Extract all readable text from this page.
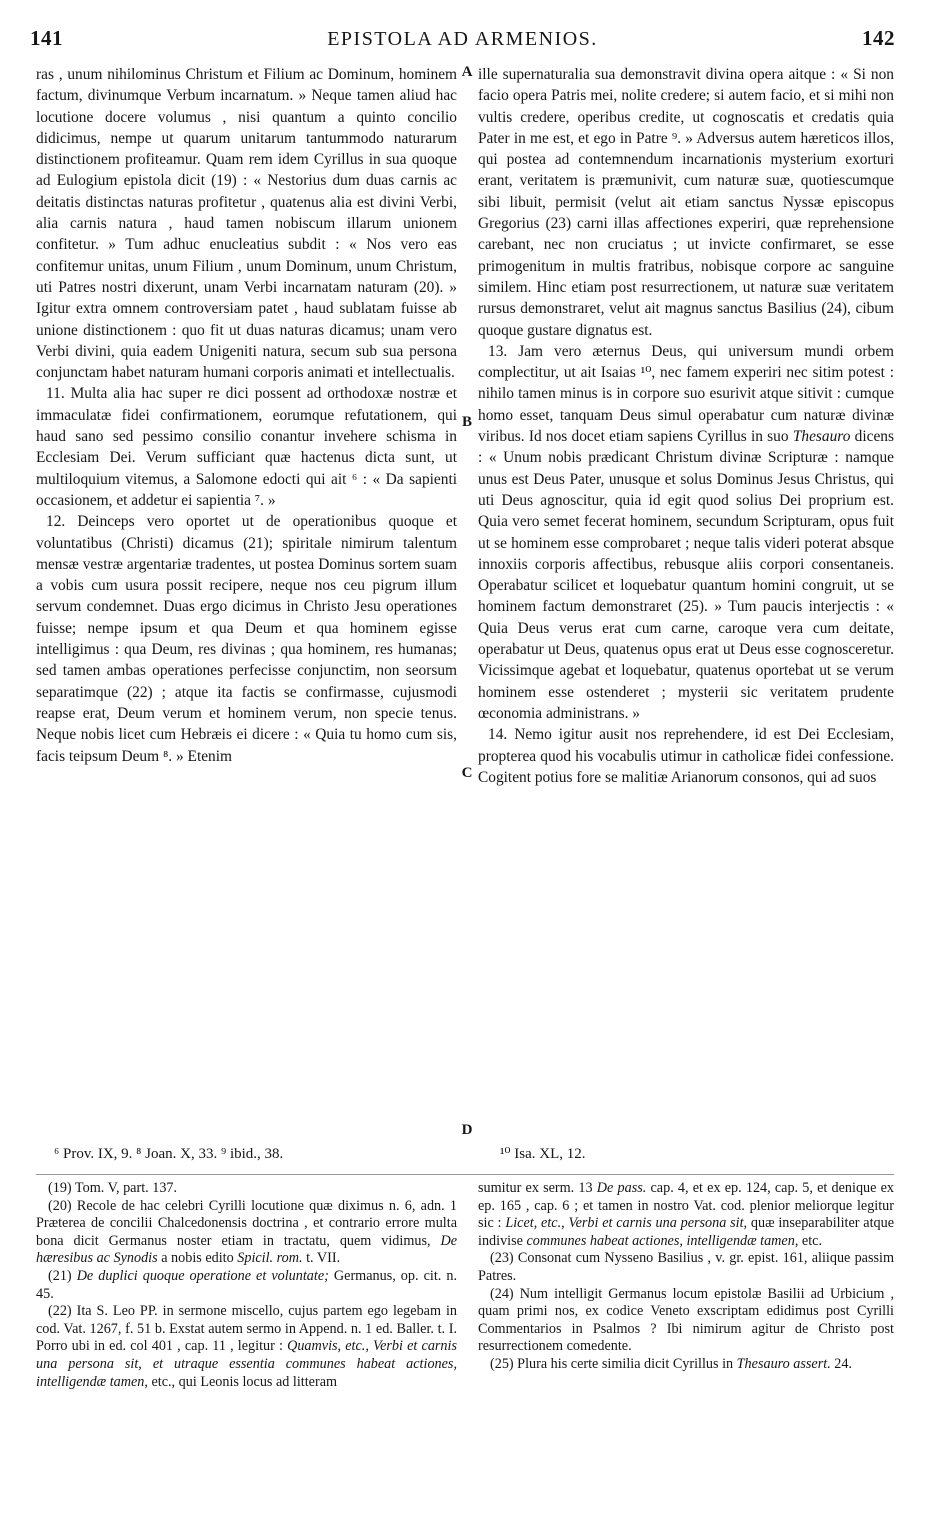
141	EPISTOLA AD ARMENIOS.	142

ras , unum nihilominus Christum et Filium ac Dominum, hominem factum, divinumque Verbum incarnatum. » Neque tamen aliud hac locutione docere volumus , nisi quantum a quinto concilio didicimus, nempe ut quarum unitarum tantummodo naturarum distinctionem profiteamur. Quam rem idem Cyrillus in sua quoque ad Eulogium epistola dicit (19) : « Nestorius dum duas carnis ac deitatis distinctas naturas profitetur , quatenus alia est divini Verbi, alia carnis natura , haud tamen nobiscum illarum unionem confitetur. » Tum adhuc enucleatius subdit : « Nos vero eas confitemur unitas, unum Filium , unum Dominum, unum Christum, uti Patres nostri dixerunt, unam Verbi incarnatam naturam (20). » Igitur extra omnem controversiam patet , haud sublatam fuisse ab unione distinctionem : quo fit ut duas naturas dicamus; unam vero Verbi divini, quia eadem Unigeniti natura, secum sub sua persona conjunctam habet naturam humani corporis animati et intellectualis.

11. Multa alia hac super re dici possent ad orthodoxæ nostræ et immaculatæ fidei confirmationem, eorumque refutationem, qui haud sano sed pessimo consilio conantur invehere schisma in Ecclesiam Dei. Verum sufficiant quæ hactenus dicta sunt, ut multiloquium vitemus, a Salomone edocti qui ait ⁶ : « Da sapienti occasionem, et addetur ei sapientia ⁷. »

12. Deinceps vero oportet ut de operationibus quoque et voluntatibus (Christi) dicamus (21); spiritale nimirum talentum mensæ vestræ argentariæ tradentes, ut postea Dominus sortem suam a vobis cum usura possit recipere, neque nos ceu pigrum illum servum condemnet. Duas ergo dicimus in Christo Jesu operationes fuisse; nempe ipsum et qua Deum et qua hominem egisse intelligimus : qua Deum, res divinas ; qua hominem, res humanas; sed tamen ambas operationes perfecisse conjunctim, non seorsum separatimque (22) ; atque ita factis se confirmasse, cujusmodi reapse erat, Deum verum et hominem verum, non specie tenus. Neque nobis licet cum Hebræis ei dicere : « Quia tu homo cum sis, facis teipsum Deum ⁸. » Etenim

A
B
C
D

ille supernaturalia sua demonstravit divina opera aitque : « Si non facio opera Patris mei, nolite credere; si autem facio, et si mihi non vultis credere, operibus credite, ut cognoscatis et credatis quia Pater in me est, et ego in Patre ⁹. » Adversus autem hæreticos illos, qui postea ad contemnendum incarnationis mysterium exorturi erant, veritatem is præmunivit, cum naturæ suæ, quotiescumque sibi libuit, permisit (velut ait etiam sanctus Nyssæ episcopus Gregorius (23) carni illas affectiones experiri, quæ reprehensione carebant, nec non cruciatus ; ut invicte confirmaret, se esse primogenitum in multis fratribus, nobisque corpore ac sanguine similem. Hinc etiam post resurrectionem, ut naturæ suæ veritatem rursus demonstraret, velut ait magnus sanctus Basilius (24), cibum quoque gustare dignatus est.

13. Jam vero æternus Deus, qui universum mundi orbem complectitur, ut ait Isaias ¹⁰, nec famem experiri nec sitim potest : nihilo tamen minus is in corpore suo esurivit atque sitivit : cumque homo esset, tanquam Deus simul operabatur cum naturæ divinæ viribus. Id nos docet etiam sapiens Cyrillus in suo Thesauro dicens : « Unum nobis prædicant Christum divinæ Scripturæ : namque unus est Deus Pater, unusque et solus Dominus Jesus Christus, qui uti Deus agnoscitur, quia id egit quod solius Dei proprium est. Quia vero semet fecerat hominem, secundum Scripturam, opus fuit ut se hominem esse comprobaret ; neque talis videri poterat absque innoxiis corporis affectibus, rebusque aliis corpori consentaneis. Operabatur scilicet et loquebatur quantum homini congruit, ut se hominem factum demonstraret (25). » Tum paucis interjectis : « Quia Deus verus erat cum carne, caroque vera cum deitate, operabatur ut Deus, quatenus opus erat ut Deus esse cognosceretur. Vicissimque agebat et loquebatur, quatenus oportebat ut se verum hominem esse ostenderet ; mysterii sic veritatem prudente œconomia administrans. »

14. Nemo igitur ausit nos reprehendere, id est Dei Ecclesiam, propterea quod his vocabulis utimur in catholicæ fidei confessione. Cogitent potius fore se malitiæ Arianorum consonos, qui ad suos

⁶ Prov. IX, 9. ⁸ Joan. X, 33. ⁹ ibid., 38.	¹⁰ Isa. XL, 12.

(19) Tom. V, part. 137.

(20) Recole de hac celebri Cyrilli locutione quæ diximus n. 6, adn. 1 Præterea de concilii Chalcedonensis doctrina , et contrario errore multa bona dicit Germanus noster etiam in tractatu, quem vidimus, De hæresibus ac Synodis a nobis edito Spicil. rom. t. VII.

(21) De duplici quoque operatione et voluntate; Germanus, op. cit. n. 45.

(22) Ita S. Leo PP. in sermone miscello, cujus partem ego legebam in cod. Vat. 1267, f. 51 b. Exstat autem sermo in Append. n. 1 ed. Baller. t. I. Porro ubi in ed. col 401 , cap. 11 , legitur : Quamvis, etc., Verbi et carnis una persona sit, et utraque essentia communes habeat actiones, intelligendæ tamen, etc., qui Leonis locus ad litteram

sumitur ex serm. 13 De pass. cap. 4, et ex ep. 124, cap. 5, et denique ex ep. 165 , cap. 6 ; et tamen in nostro Vat. cod. plenior meliorque legitur sic : Licet, etc., Verbi et carnis una persona sit, quæ inseparabiliter atque indivise communes habeat actiones, intelligendæ tamen, etc.

(23) Consonat cum Nysseno Basilius , v. gr. epist. 161, aliique passim Patres.

(24) Num intelligit Germanus locum epistolæ Basilii ad Urbicium , quam primi nos, ex codice Veneto exscriptam edidimus post Cyrilli Commentarios in Psalmos ? Ibi nimirum agitur de Christo post resurrectionem comedente.

(25) Plura his certe similia dicit Cyrillus in Thesauro assert. 24.
